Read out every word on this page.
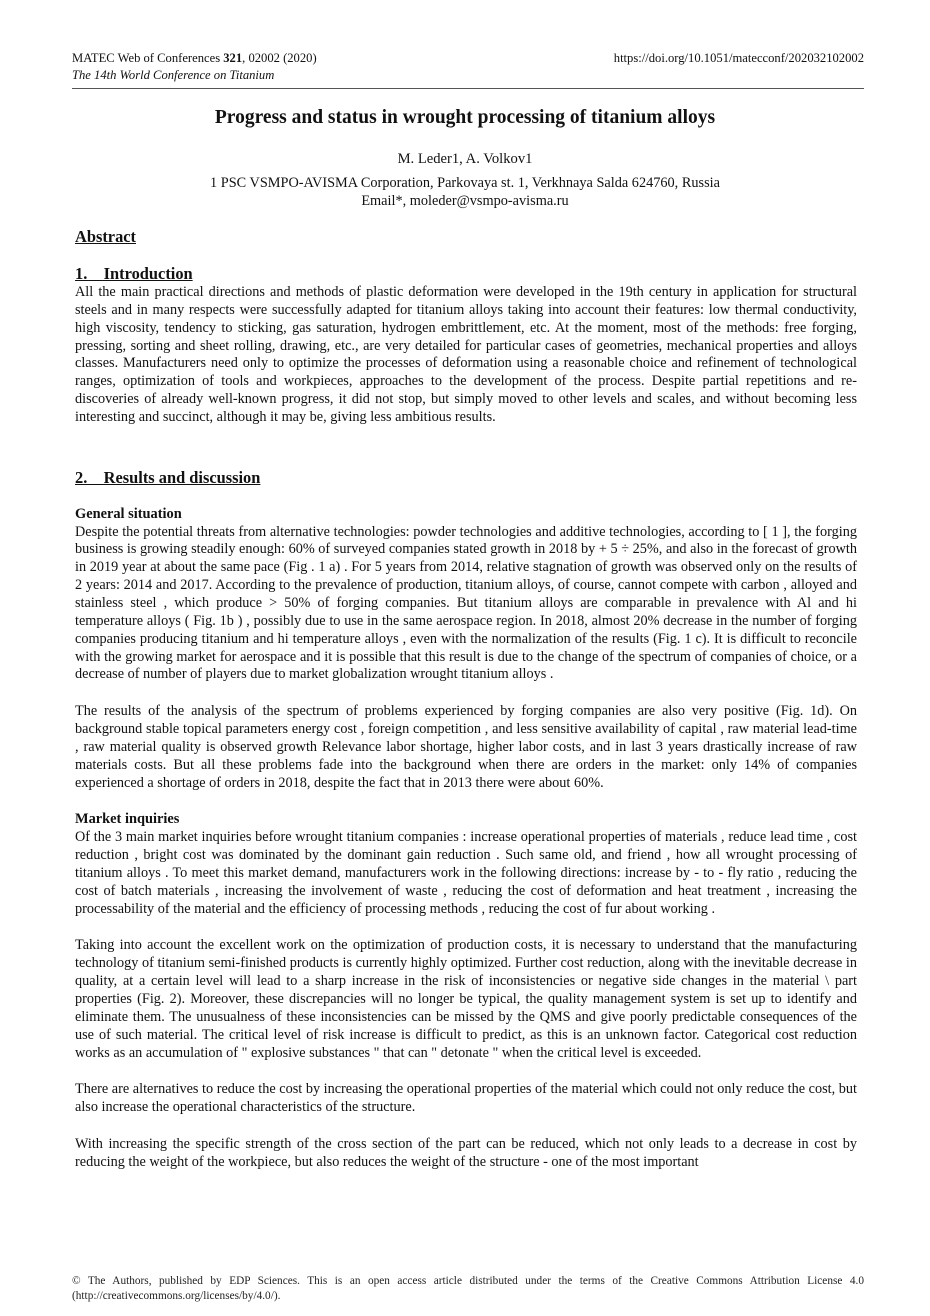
MATEC Web of Conferences 321, 02002 (2020)
The 14th World Conference on Titanium
https://doi.org/10.1051/matecconf/202032102002
Progress and status in wrought processing of titanium alloys
M. Leder1, A. Volkov1
1 PSC VSMPO-AVISMA Corporation, Parkovaya st. 1, Verkhnaya Salda 624760, Russia
Email*, moleder@vsmpo-avisma.ru
Abstract
1.    Introduction

All the main practical directions and methods of plastic deformation were developed in the 19th century in application for structural steels and in many respects were successfully adapted for titanium alloys taking into account their features: low thermal conductivity, high viscosity, tendency to sticking, gas saturation, hydrogen embrittlement, etc. At the moment, most of the methods: free forging, pressing, sorting and sheet rolling, drawing, etc., are very detailed for particular cases of geometries, mechanical properties and alloys classes. Manufacturers need only to optimize the processes of deformation using a reasonable choice and refinement of technological ranges, optimization of tools and workpieces, approaches to the development of the process. Despite partial repetitions and re-discoveries of already well-known progress, it did not stop, but simply moved to other levels and scales, and without becoming less interesting and succinct, although it may be, giving less ambitious results.

2.    Results and discussion
General situation

Despite the potential threats from alternative technologies: powder technologies and additive technologies, according to [ 1 ], the forging business is growing steadily enough: 60% of surveyed companies stated growth in 2018 by + 5 ÷ 25%, and also in the forecast of growth in 2019 year at about the same pace (Fig . 1 a) . For 5 years from 2014, relative stagnation of growth was observed only on the results of 2 years: 2014 and 2017. According to the prevalence of production, titanium alloys, of course, cannot compete with carbon , alloyed and stainless steel , which produce > 50% of forging companies. But titanium alloys are comparable in prevalence with Al and hi temperature alloys ( Fig. 1b ) , possibly due to use in the same aerospace region. In 2018, almost 20% decrease in the number of forging companies producing titanium and hi temperature alloys , even with the normalization of the results (Fig. 1 c). It is difficult to reconcile with the growing market for aerospace and it is possible that this result is due to the change of the spectrum of companies of choice, or a decrease of number of players due to market globalization wrought titanium alloys .

The results of the analysis of the spectrum of problems experienced by forging companies are also very positive (Fig. 1d). On background stable topical parameters energy cost , foreign competition , and less sensitive availability of capital , raw material lead-time , raw material quality is observed growth Relevance labor shortage, higher labor costs, and in last 3 years drastically increase of raw materials costs. But all these problems fade into the background when there are orders in the market: only 14% of companies experienced a shortage of orders in 2018, despite the fact that in 2013 there were about 60%.

Market inquiries

Of the 3 main market inquiries before wrought titanium companies : increase operational properties of materials , reduce lead time , cost reduction , bright cost was dominated by the dominant gain reduction . Such same old, and friend , how all wrought processing of titanium alloys . To meet this market demand, manufacturers work in the following directions: increase by - to - fly ratio , reducing the cost of batch materials , increasing the involvement of waste , reducing the cost of deformation and heat treatment , increasing the processability of the material and the efficiency of processing methods , reducing the cost of fur about working .

Taking into account the excellent work on the optimization of production costs, it is necessary to understand that the manufacturing technology of titanium semi-finished products is currently highly optimized. Further cost reduction, along with the inevitable decrease in quality, at a certain level will lead to a sharp increase in the risk of inconsistencies or negative side changes in the material \ part properties (Fig. 2). Moreover, these discrepancies will no longer be typical, the quality management system is set up to identify and eliminate them. The unusualness of these inconsistencies can be missed by the QMS and give poorly predictable consequences of the use of such material. The critical level of risk increase is difficult to predict, as this is an unknown factor. Categorical cost reduction works as an accumulation of " explosive substances " that can " detonate " when the critical level is exceeded.

There are alternatives to reduce the cost by increasing the operational properties of the material which could not only reduce the cost, but also increase the operational characteristics of the structure.

With increasing the specific strength of the cross section of the part can be reduced, which not only leads to a decrease in cost by reducing the weight of the workpiece, but also reduces the weight of the structure - one of the most important

© The Authors, published by EDP Sciences. This is an open access article distributed under the terms of the Creative Commons Attribution License 4.0 (http://creativecommons.org/licenses/by/4.0/).
